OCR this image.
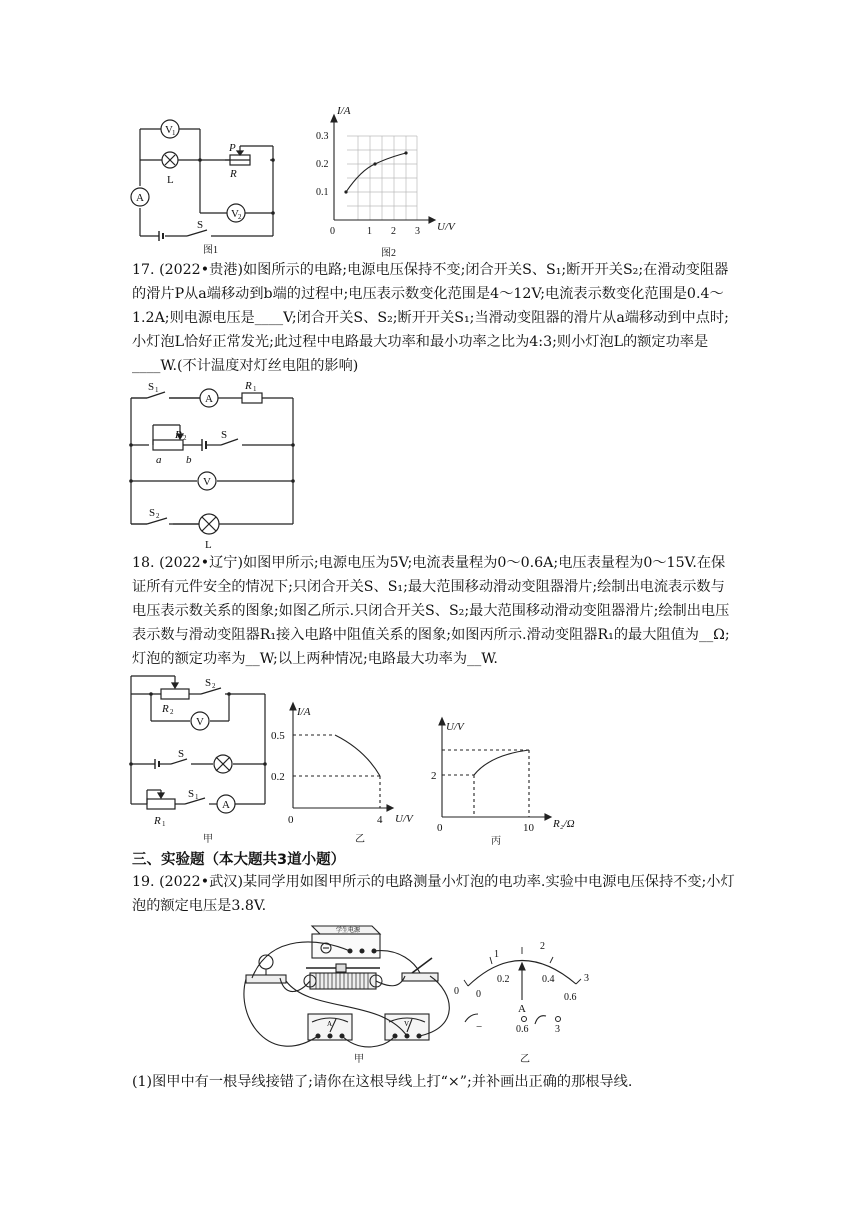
V 1
V 2
L
A
S
P
R
图1
I/A
U/V
0.3
0.2
0.1
0	1 2 3
图2
17. (2022•贵港)如图所示的电路;电源电压保持不变;闭合开关S、S₁;断开开关S₂;在滑动变阻器的滑片P从a端移动到b端的过程中;电压表示数变化范围是4～12V;电流表示数变化范围是0.4～1.2A;则电源电压是____V;闭合开关S、S₂;断开开关S₁;当滑动变阻器的滑片从a端移动到中点时;小灯泡L恰好正常发光;此过程中电路最大功率和最小功率之比为4:3;则小灯泡L的额定功率是____W.(不计温度对灯丝电阻的影响)
S 1
A
R 1
R 2	S
a b
V
S 2
L
18. (2022•辽宁)如图甲所示;电源电压为5V;电流表量程为0～0.6A;电压表量程为0～15V.在保证所有元件安全的情况下;只闭合开关S、S₁;最大范围移动滑动变阻器滑片;绘制出电流表示数与电压表示数关系的图象;如图乙所示.只闭合开关S、S₂;最大范围移动滑动变阻器滑片;绘制出电压表示数与滑动变阻器R₁接入电路中阻值关系的图象;如图丙所示.滑动变阻器R₁的最大阻值为__Ω;灯泡的额定功率为__W;以上两种情况;电路最大功率为__W.
R 2
S 2
V
S
R 1
S 1
A
甲
I/A
U/V
0.5
0.2
0	4
乙
U/V
R₂/Ω
2
0	10
丙
三、实验题（本大题共3道小题）
19. (2022•武汉)某同学用如图甲所示的电路测量小灯泡的电功率.实验中电源电压保持不变;小灯泡的额定电压是3.8V.
学生电源
A	V
甲
0
1
2
3
0
0.2	0.4
0.6
A
−	0.6	3
乙
(1)图甲中有一根导线接错了;请你在这根导线上打“×”;并补画出正确的那根导线.
